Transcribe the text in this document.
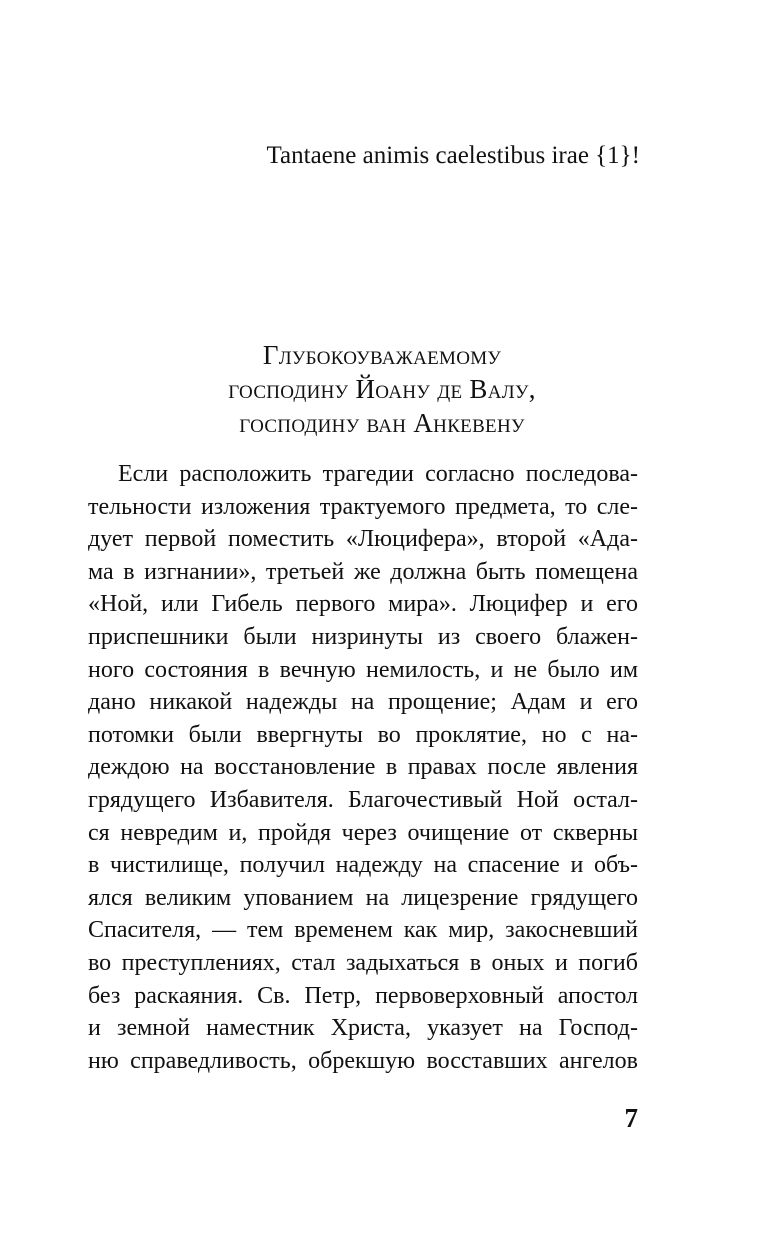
Tantaene animis caelestibus irae {1}!
Глубокоуважаемому
господину Йоану де Валу,
господину ван Анкевену
Если расположить трагедии согласно последова-
тельности изложения трактуемого предмета, то сле-
дует первой поместить «Люцифера», второй «Ада-
ма в изгнании», третьей же должна быть помещена
«Ной, или Гибель первого мира». Люцифер и его
приспешники были низринуты из своего блажен-
ного состояния в вечную немилость, и не было им
дано никакой надежды на прощение; Адам и его
потомки были ввергнуты во проклятие, но с на-
деждою на восстановление в правах после явления
грядущего Избавителя. Благочестивый Ной остал-
ся невредим и, пройдя через очищение от скверны
в чистилище, получил надежду на спасение и объ-
ялся великим упованием на лицезрение грядущего
Спасителя, — тем временем как мир, закосневший
во преступлениях, стал задыхаться в оных и погиб
без раскаяния. Св. Петр, первоверховный апостол
и земной наместник Христа, указует на Господ-
ню справедливость, обрекшую восставших ангелов
7
